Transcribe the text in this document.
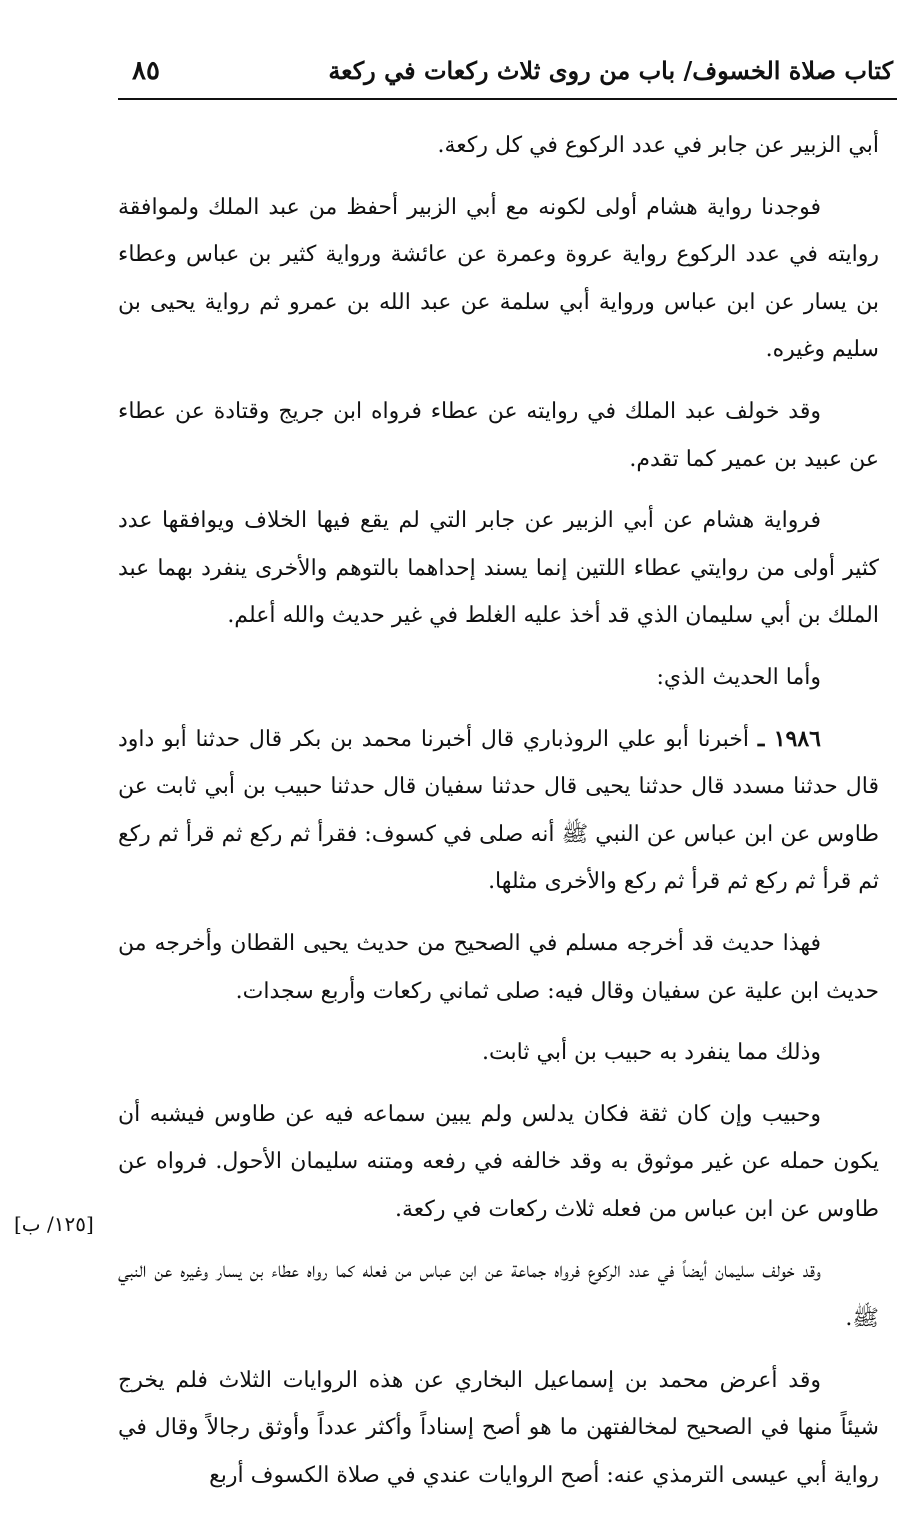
٨٥	كتاب صلاة الخسوف/ باب من روى ثلاث ركعات في ركعة

أبي الزبير عن جابر في عدد الركوع في كل ركعة.

فوجدنا رواية هشام أولى لكونه مع أبي الزبير أحفظ من عبد الملك ولموافقة روايته في عدد الركوع رواية عروة وعمرة عن عائشة ورواية كثير بن عباس وعطاء بن يسار عن ابن عباس ورواية أبي سلمة عن عبد الله بن عمرو ثم رواية يحيى بن سليم وغيره.

وقد خولف عبد الملك في روايته عن عطاء فرواه ابن جريج وقتادة عن عطاء عن عبيد بن عمير كما تقدم.

فرواية هشام عن أبي الزبير عن جابر التي لم يقع فيها الخلاف ويوافقها عدد كثير أولى من روايتي عطاء اللتين إنما يسند إحداهما بالتوهم والأخرى ينفرد بهما عبد الملك بن أبي سليمان الذي قد أخذ عليه الغلط في غير حديث والله أعلم.

وأما الحديث الذي:

١٩٨٦ ـ أخبرنا أبو علي الروذباري قال أخبرنا محمد بن بكر قال حدثنا أبو داود قال حدثنا مسدد قال حدثنا يحيى قال حدثنا سفيان قال حدثنا حبيب بن أبي ثابت عن طاوس عن ابن عباس عن النبي ﷺ أنه صلى في كسوف: فقرأ ثم ركع ثم قرأ ثم ركع ثم قرأ ثم ركع ثم قرأ ثم ركع والأخرى مثلها.

فهذا حديث قد أخرجه مسلم في الصحيح من حديث يحيى القطان وأخرجه من حديث ابن علية عن سفيان وقال فيه: صلى ثماني ركعات وأربع سجدات.

وذلك مما ينفرد به حبيب بن أبي ثابت.

وحبيب وإن كان ثقة فكان يدلس ولم يبين سماعه فيه عن طاوس فيشبه أن يكون حمله عن غير موثوق به وقد خالفه في رفعه ومتنه سليمان الأحول. فرواه عن طاوس عن ابن عباس من فعله ثلاث ركعات في ركعة.

وقد خولف سليمان أيضاً في عدد الركوع فرواه جماعة عن ابن عباس من فعله كما رواه عطاء بن يسار وغيره عن النبي ﷺ.

وقد أعرض محمد بن إسماعيل البخاري عن هذه الروايات الثلاث فلم يخرج شيئاً منها في الصحيح لمخالفتهن ما هو أصح إسناداً وأكثر عدداً وأوثق رجالاً وقال في رواية أبي عيسى الترمذي عنه: أصح الروايات عندي في صلاة الكسوف أربع

[١٢٥/ ب]
